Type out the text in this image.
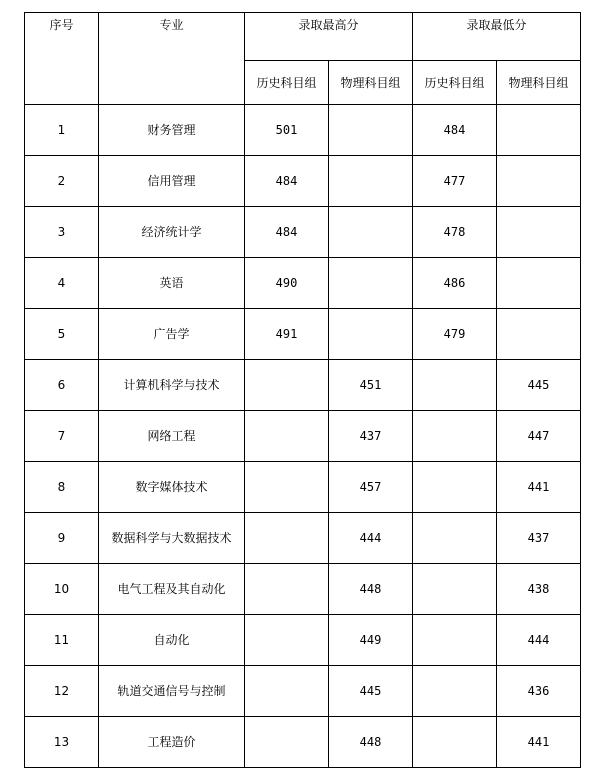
序号	专业	录取最高分		录取最低分	
		历史科目组	物理科目组	历史科目组	物理科目组
1	财务管理	501		484	
2	信用管理	484		477	
3	经济统计学	484		478	
4	英语	490		486	
5	广告学	491		479	
6	计算机科学与技术		451		445
7	网络工程		437		447
8	数字媒体技术		457		441
9	数据科学与大数据技术		444		437
10	电气工程及其自动化		448		438
11	自动化		449		444
12	轨道交通信号与控制		445		436
13	工程造价		448		441
